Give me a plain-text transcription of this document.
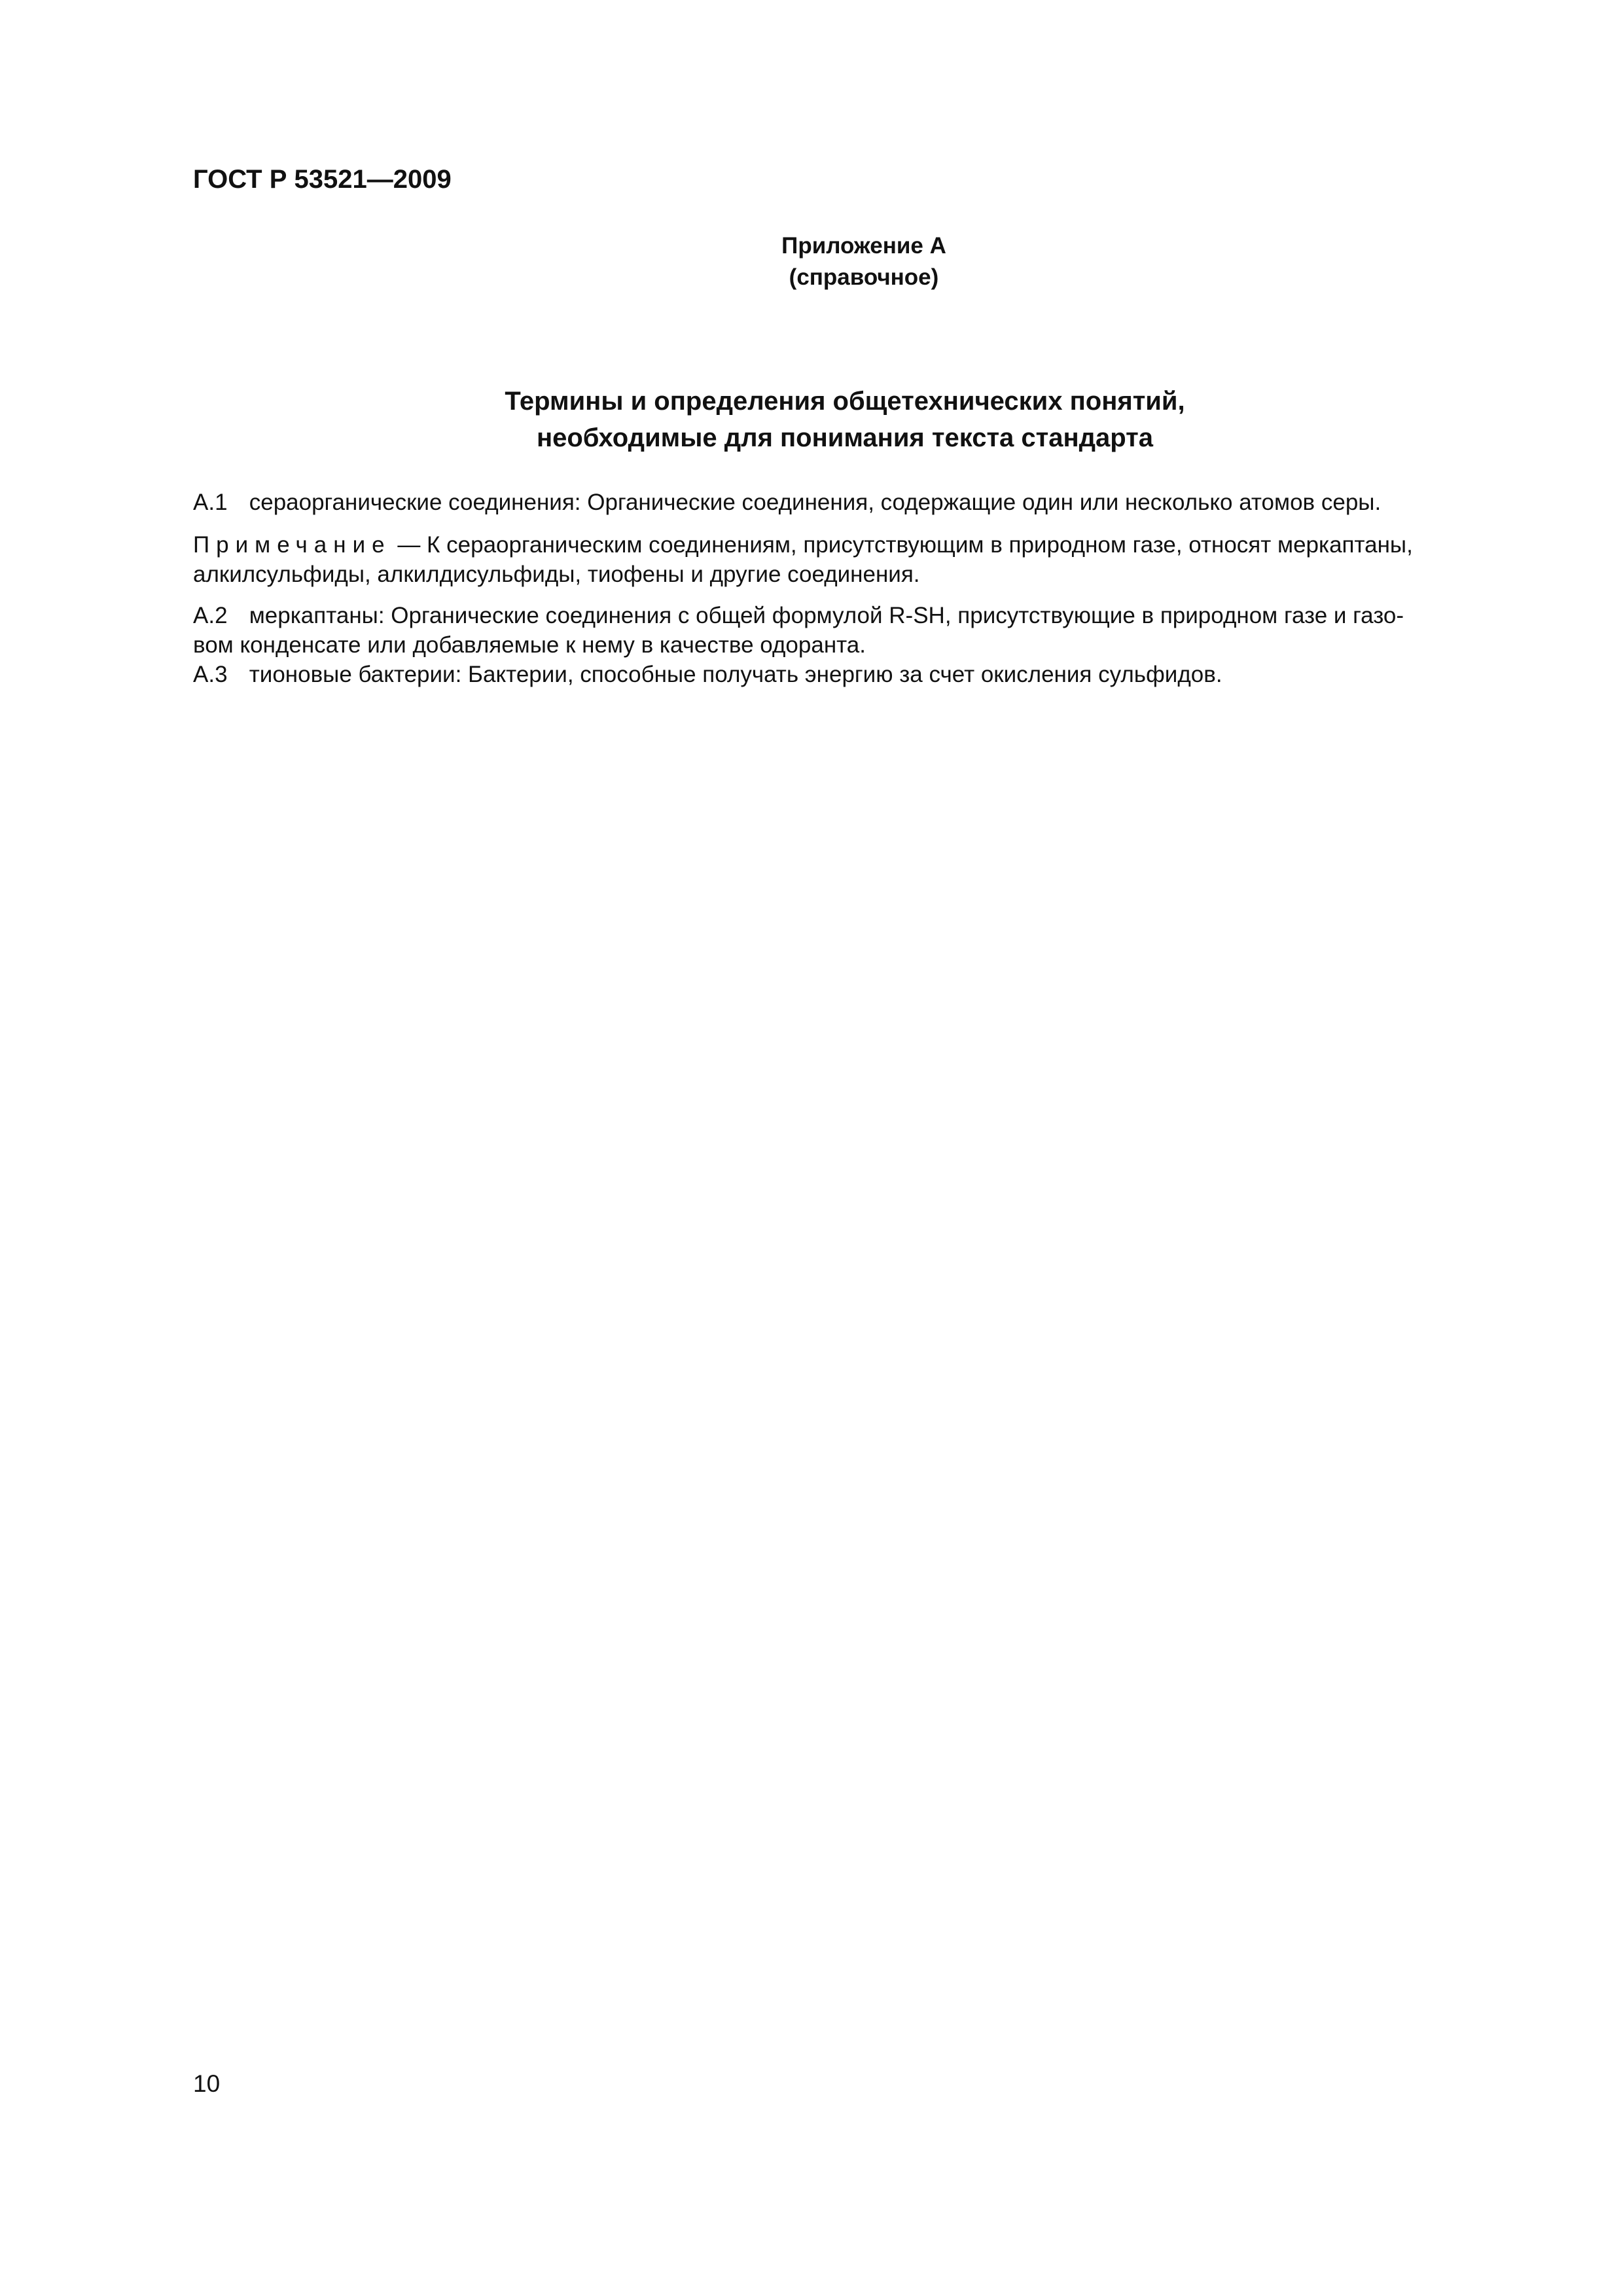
ГОСТ Р 53521—2009
Приложение А
(справочное)
Термины и определения общетехнических понятий,
необходимые для понимания текста стандарта
А.1 сераорганические соединения: Органические соединения, содержащие один или несколько атомов серы.
Примечание — К сераорганическим соединениям, присутствующим в природном газе, относят меркаптаны,
алкилсульфиды, алкилдисульфиды, тиофены и другие соединения.
А.2 меркаптаны: Органические соединения с общей формулой R-SH, присутствующие в природном газе и газо-
вом конденсате или добавляемые к нему в качестве одоранта.
А.3 тионовые бактерии: Бактерии, способные получать энергию за счет окисления сульфидов.
10
